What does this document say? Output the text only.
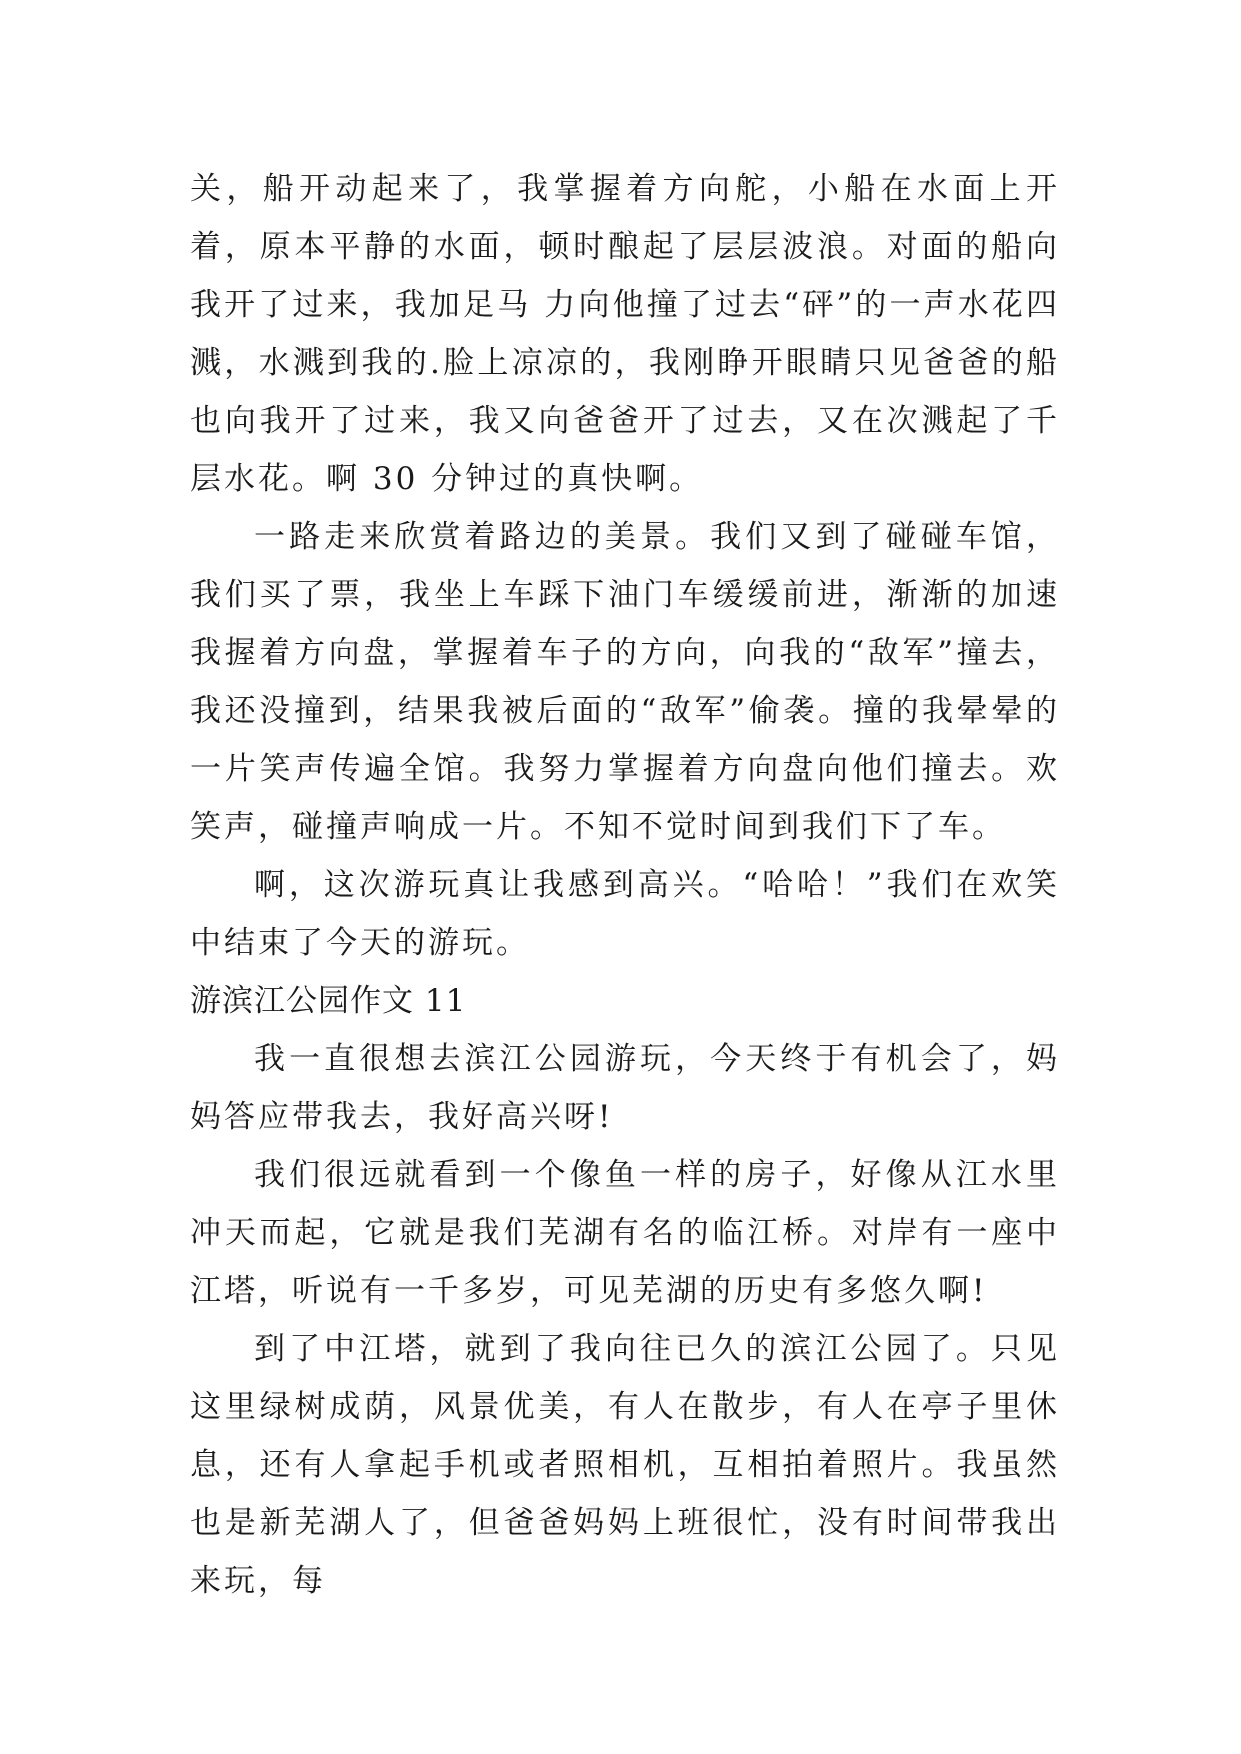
关，船开动起来了，我掌握着方向舵，小船在水面上开着，原本平静的水面，顿时酿起了层层波浪。对面的船向我开了过来，我加足马 力向他撞了过去“砰”的一声水花四溅，水溅到我的.脸上凉凉的，我刚睁开眼睛只见爸爸的船也向我开了过来，我又向爸爸开了过去，又在次溅起了千层水花。啊 30 分钟过的真快啊。

一路走来欣赏着路边的美景。我们又到了碰碰车馆，我们买了票，我坐上车踩下油门车缓缓前进，渐渐的加速我握着方向盘，掌握着车子的方向，向我的“敌军”撞去，我还没撞到，结果我被后面的“敌军”偷袭。撞的我晕晕的一片笑声传遍全馆。我努力掌握着方向盘向他们撞去。欢笑声，碰撞声响成一片。不知不觉时间到我们下了车。

啊，这次游玩真让我感到高兴。“哈哈！”我们在欢笑中结束了今天的游玩。

游滨江公园作文 11

我一直很想去滨江公园游玩，今天终于有机会了，妈妈答应带我去，我好高兴呀!

我们很远就看到一个像鱼一样的房子，好像从江水里冲天而起，它就是我们芜湖有名的临江桥。对岸有一座中江塔，听说有一千多岁，可见芜湖的历史有多悠久啊!

到了中江塔，就到了我向往已久的滨江公园了。只见这里绿树成荫，风景优美，有人在散步，有人在亭子里休息，还有人拿起手机或者照相机，互相拍着照片。我虽然也是新芜湖人了，但爸爸妈妈上班很忙，没有时间带我出来玩，每
